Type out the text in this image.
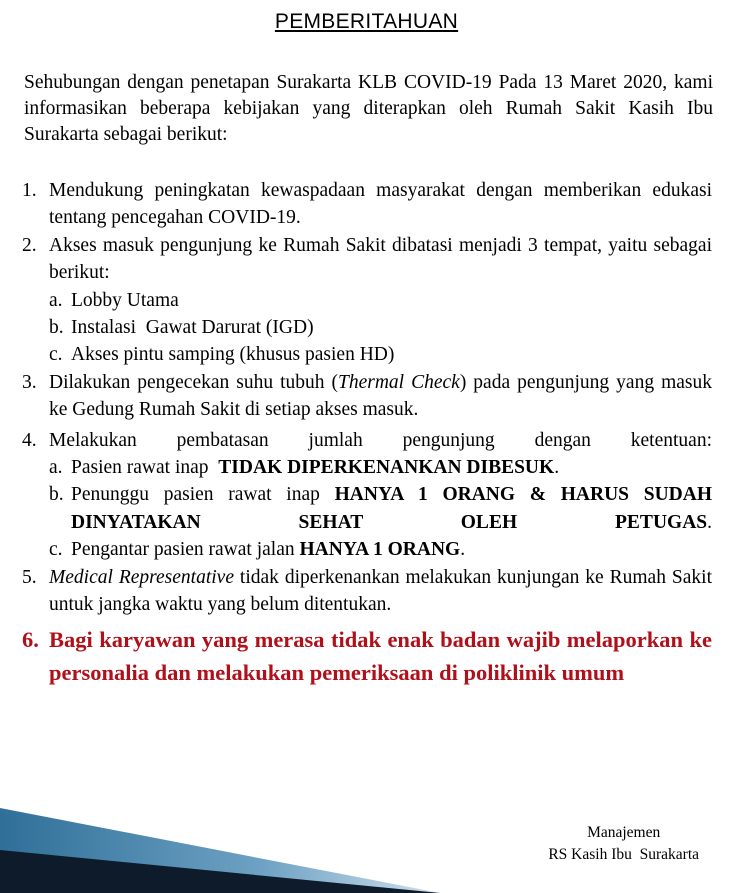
PEMBERITAHUAN
Sehubungan dengan penetapan Surakarta KLB COVID-19 Pada 13 Maret 2020, kami informasikan beberapa kebijakan yang diterapkan oleh Rumah Sakit Kasih Ibu Surakarta sebagai berikut:
1. Mendukung peningkatan kewaspadaan masyarakat dengan memberikan edukasi tentang pencegahan COVID-19.
2. Akses masuk pengunjung ke Rumah Sakit dibatasi menjadi 3 tempat, yaitu sebagai berikut:
a. Lobby Utama
b. Instalasi  Gawat Darurat (IGD)
c. Akses pintu samping (khusus pasien HD)
3. Dilakukan pengecekan suhu tubuh (Thermal Check) pada pengunjung yang masuk ke Gedung Rumah Sakit di setiap akses masuk.
4. Melakukan pembatasan jumlah pengunjung dengan ketentuan:
a. Pasien rawat inap  TIDAK DIPERKENANKAN DIBESUK.
b. Penunggu pasien rawat inap HANYA 1 ORANG & HARUS SUDAH DINYATAKAN SEHAT OLEH PETUGAS.
c. Pengantar pasien rawat jalan HANYA 1 ORANG.
5. Medical Representative tidak diperkenankan melakukan kunjungan ke Rumah Sakit untuk jangka waktu yang belum ditentukan.
6. Bagi karyawan yang merasa tidak enak badan wajib melaporkan ke personalia dan melakukan pemeriksaan di poliklinik umum
Manajemen
RS Kasih Ibu  Surakarta
